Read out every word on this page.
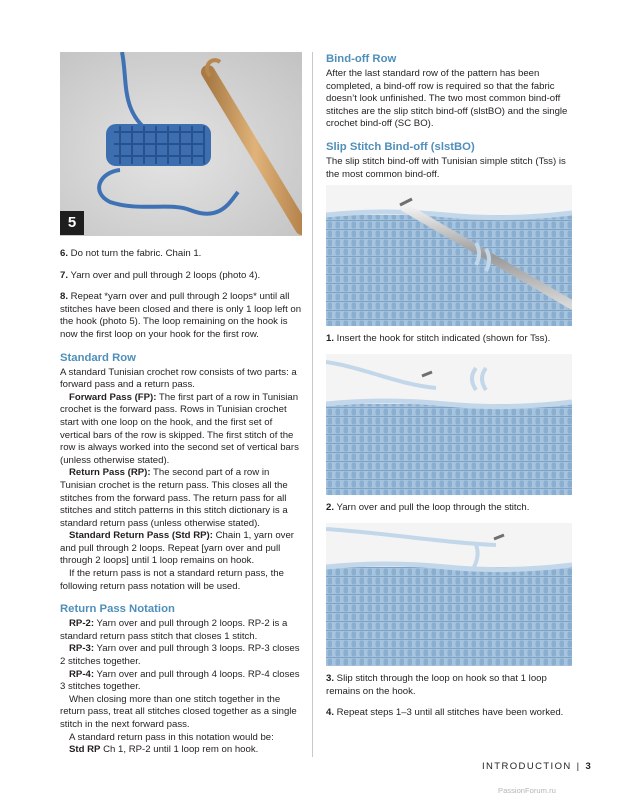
5

6. Do not turn the fabric. Chain 1.

7. Yarn over and pull through 2 loops (photo 4).

8. Repeat *yarn over and pull through 2 loops* until all stitches have been closed and there is only 1 loop left on the hook (photo 5). The loop remaining on the hook is now the first loop on your hook for the first row.

Standard Row

A standard Tunisian crochet row consists of two parts: a forward pass and a return pass.

Forward Pass (FP): The first part of a row in Tunisian crochet is the forward pass. Rows in Tunisian crochet start with one loop on the hook, and the first set of vertical bars of the row is skipped. The first stitch of the row is always worked into the second set of vertical bars (unless otherwise stated).

Return Pass (RP): The second part of a row in Tunisian crochet is the return pass. This closes all the stitches from the forward pass. The return pass for all stitches and stitch patterns in this stitch dictionary is a standard return pass (unless otherwise stated).

Standard Return Pass (Std RP): Chain 1, yarn over and pull through 2 loops. Repeat [yarn over and pull through 2 loops] until 1 loop remains on hook.

If the return pass is not a standard return pass, the following return pass notation will be used.

Return Pass Notation

RP-2: Yarn over and pull through 2 loops. RP-2 is a standard return pass stitch that closes 1 stitch.

RP-3: Yarn over and pull through 3 loops. RP-3 closes 2 stitches together.

RP-4: Yarn over and pull through 4 loops. RP-4 closes 3 stitches together.

When closing more than one stitch together in the return pass, treat all stitches closed together as a single stitch in the next forward pass.

A standard return pass in this notation would be:

Std RP Ch 1, RP-2 until 1 loop rem on hook.

Bind-off Row

After the last standard row of the pattern has been completed, a bind-off row is required so that the fabric doesn’t look unfinished. The two most common bind-off stitches are the slip stitch bind-off (slstBO) and the single crochet bind-off (SC BO).

Slip Stitch Bind-off (slstBO)

The slip stitch bind-off with Tunisian simple stitch (Tss) is the most common bind-off.

1. Insert the hook for stitch indicated (shown for Tss).

2. Yarn over and pull the loop through the stitch.

3. Slip stitch through the loop on hook so that 1 loop remains on the hook.

4. Repeat steps 1–3 until all stitches have been worked.

INTRODUCTION | 3
PassionForum.ru
